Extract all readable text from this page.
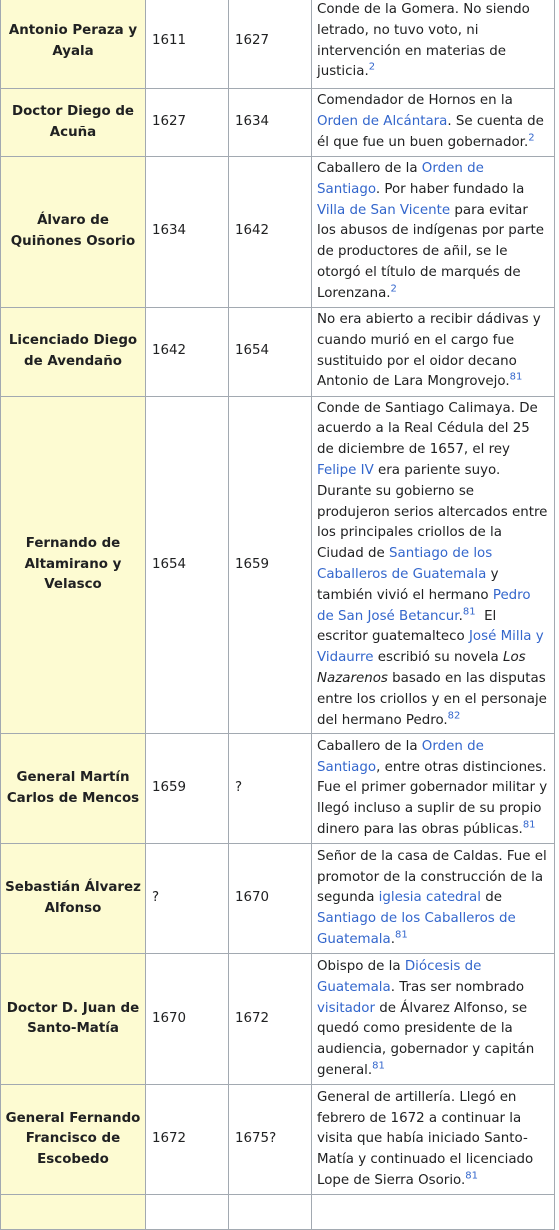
Antonio Peraza y Ayala	1611	1627	Conde de la Gomera. No siendo letrado, no tuvo voto, ni intervención en materias de justicia.$^2$
Doctor Diego de Acuña	1627	1634	Comendador de Hornos en la Orden de Alcántara. Se cuenta de él que fue un buen gobernador.$^2$
Álvaro de Quiñones Osorio	1634	1642	Caballero de la Orden de Santiago. Por haber fundado la Villa de San Vicente para evitar los abusos de indígenas por parte de productores de añil, se le otorgó el título de marqués de Lorenzana.$^2$
Licenciado Diego de Avendaño	1642	1654	No era abierto a recibir dádivas y cuando murió en el cargo fue sustituido por el oidor decano Antonio de Lara Mongrovejo.$^{81}$
Fernando de Altamirano y Velasco	1654	1659	Conde de Santiago Calimaya. De acuerdo a la Real Cédula del 25 de diciembre de 1657, el rey Felipe IV era pariente suyo. Durante su gobierno se produjeron serios altercados entre los principales criollos de la Ciudad de Santiago de los Caballeros de Guatemala y también vivió el hermano Pedro de San José Betancur.$^{81}$  El escritor guatemalteco José Milla y Vidaurre escribió su novela Los Nazarenos basado en las disputas entre los criollos y en el personaje del hermano Pedro.$^{82}$
General Martín Carlos de Mencos	1659	?	Caballero de la Orden de Santiago, entre otras distinciones. Fue el primer gobernador militar y llegó incluso a suplir de su propio dinero para las obras públicas.$^{81}$
Sebastián Álvarez Alfonso	?	1670	Señor de la casa de Caldas. Fue el promotor de la construcción de la segunda iglesia catedral de Santiago de los Caballeros de Guatemala.$^{81}$
Doctor D. Juan de Santo-Matía	1670	1672	Obispo de la Diócesis de Guatemala. Tras ser nombrado visitador de Álvarez Alfonso, se quedó como presidente de la audiencia, gobernador y capitán general.$^{81}$
General Fernando Francisco de Escobedo	1672	1675?	General de artillería. Llegó en febrero de 1672 a continuar la visita que había iniciado Santo-Matía y continuado el licenciado Lope de Sierra Osorio.$^{81}$
